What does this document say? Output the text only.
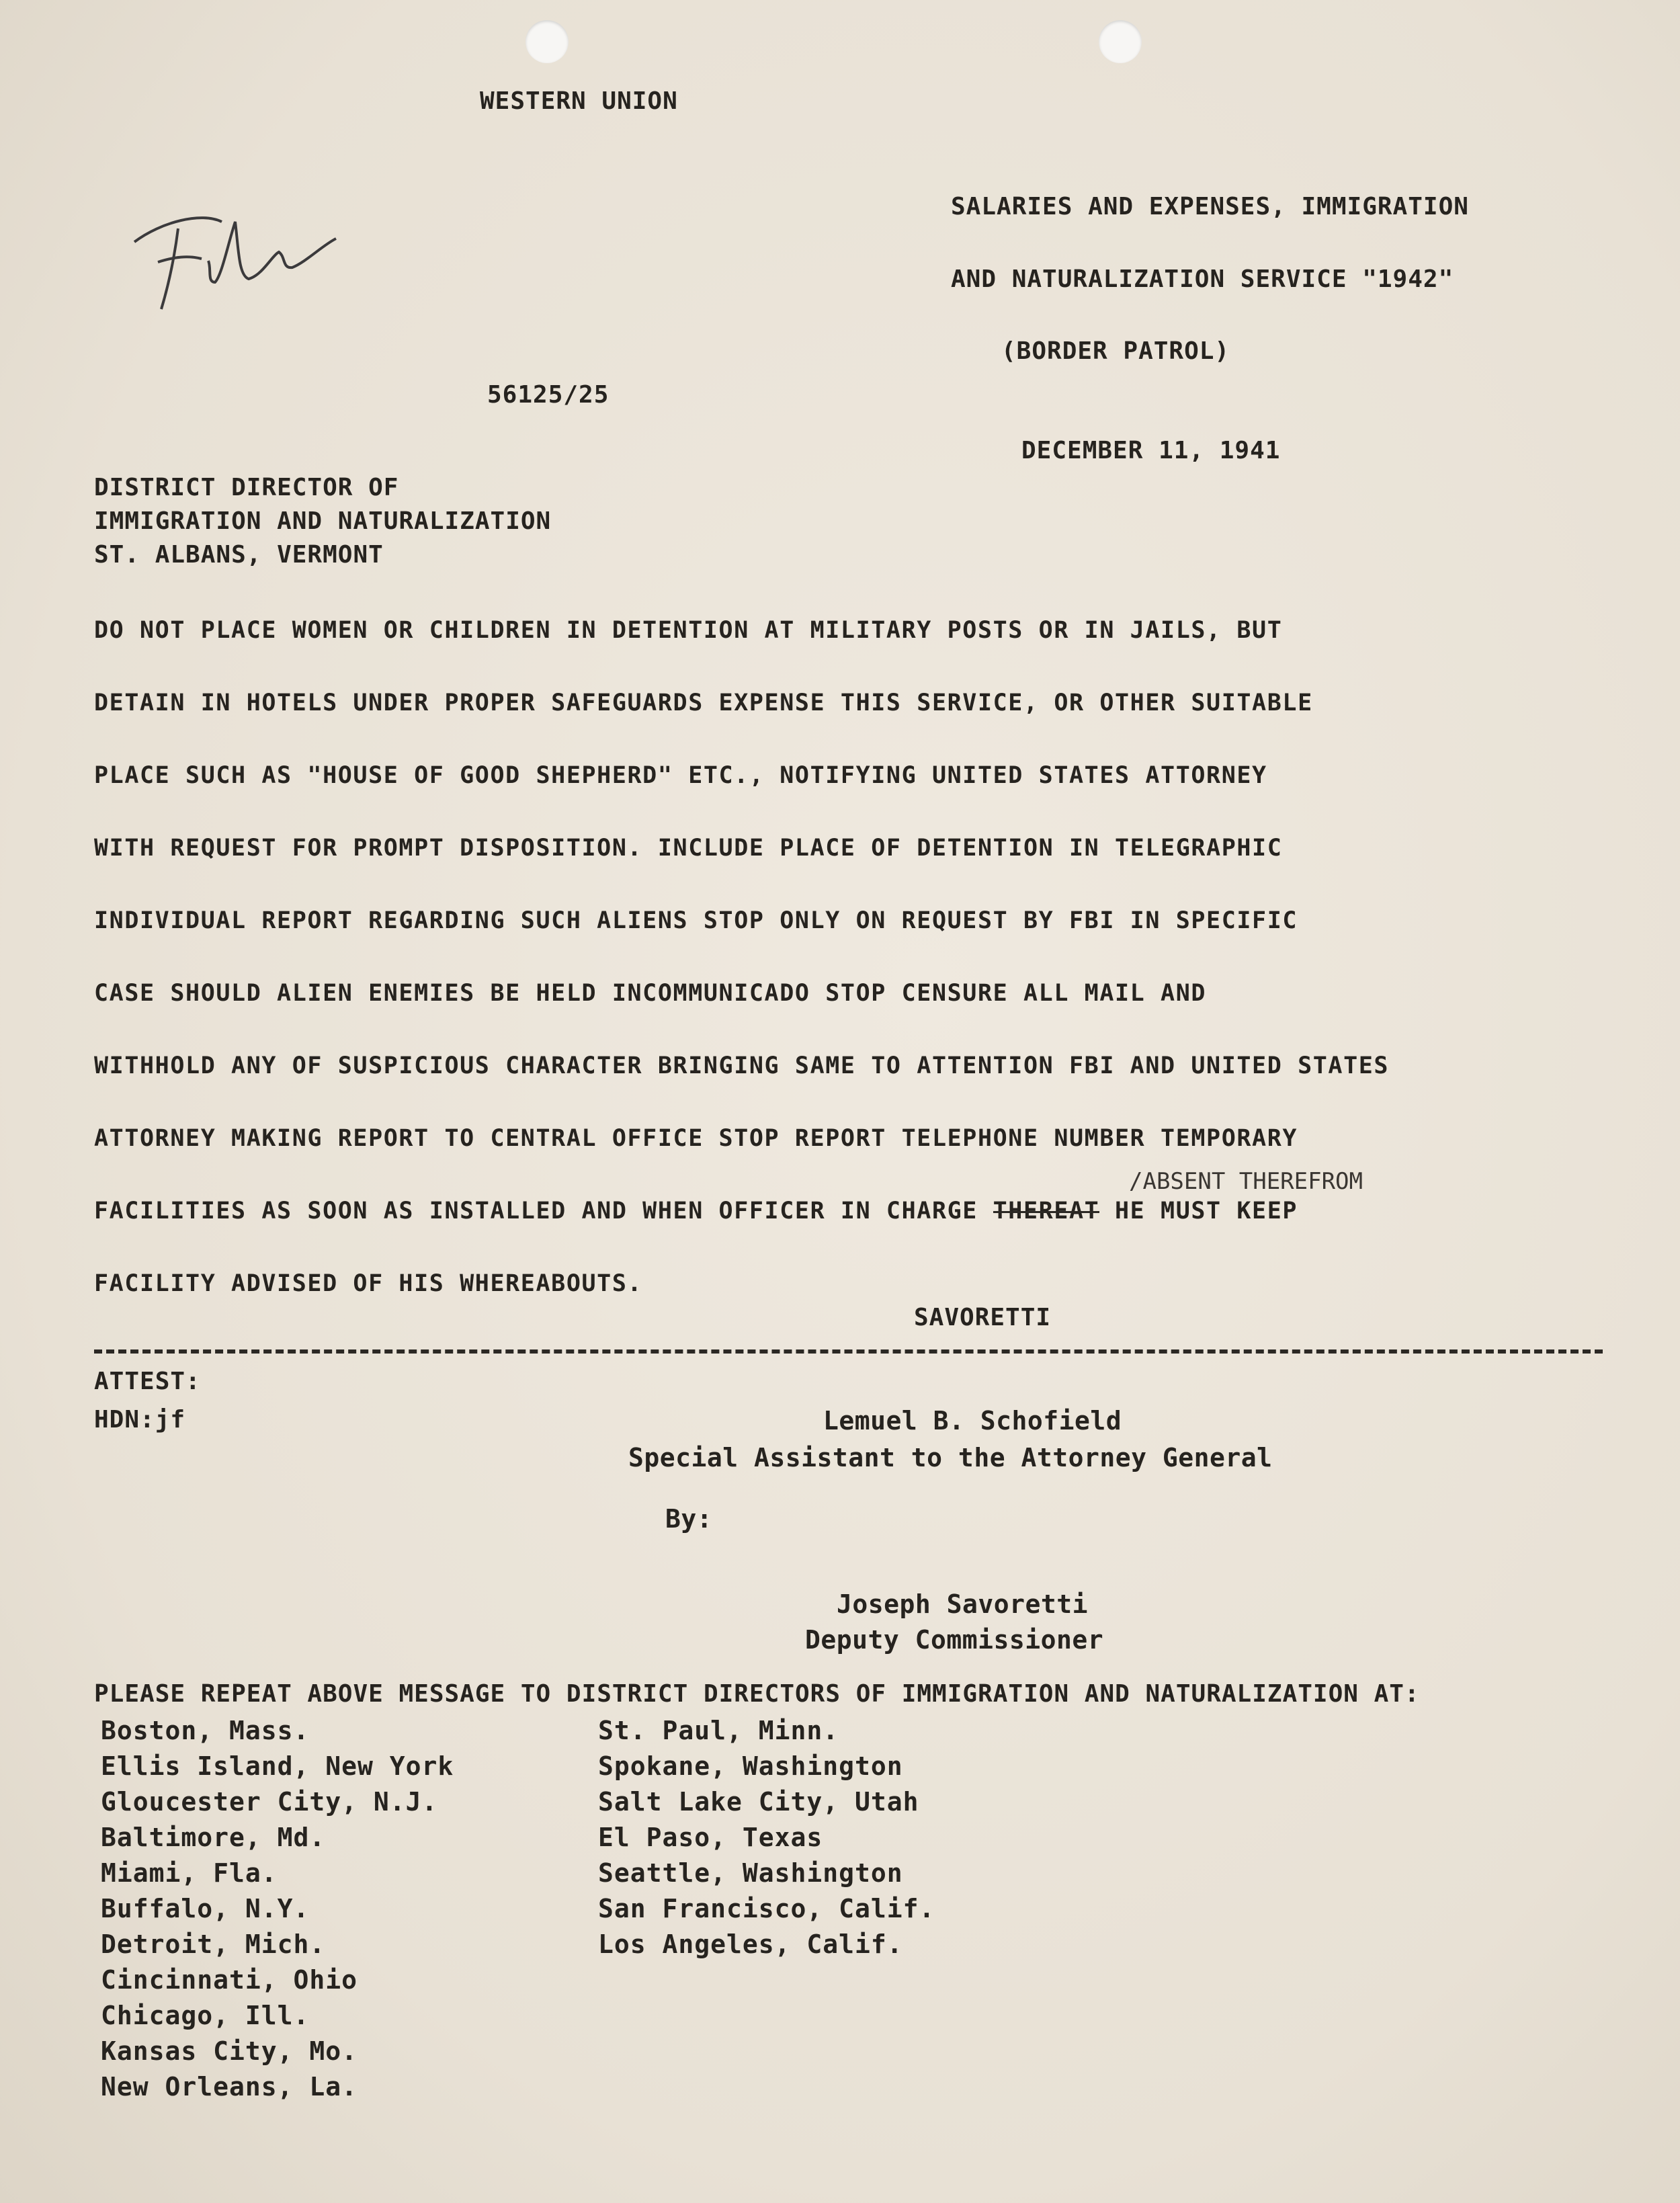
WESTERN UNION
SALARIES AND EXPENSES, IMMIGRATION
AND NATURALIZATION SERVICE "1942"
(BORDER PATROL)
56125/25
DECEMBER 11, 1941
DISTRICT DIRECTOR OF
IMMIGRATION AND NATURALIZATION
ST. ALBANS, VERMONT
DO NOT PLACE WOMEN OR CHILDREN IN DETENTION AT MILITARY POSTS OR IN JAILS, BUT
DETAIN IN HOTELS UNDER PROPER SAFEGUARDS EXPENSE THIS SERVICE, OR OTHER SUITABLE
PLACE SUCH AS "HOUSE OF GOOD SHEPHERD" ETC., NOTIFYING UNITED STATES ATTORNEY
WITH REQUEST FOR PROMPT DISPOSITION. INCLUDE PLACE OF DETENTION IN TELEGRAPHIC
INDIVIDUAL REPORT REGARDING SUCH ALIENS STOP ONLY ON REQUEST BY FBI IN SPECIFIC
CASE SHOULD ALIEN ENEMIES BE HELD INCOMMUNICADO STOP CENSURE ALL MAIL AND
WITHHOLD ANY OF SUSPICIOUS CHARACTER BRINGING SAME TO ATTENTION FBI AND UNITED STATES
ATTORNEY MAKING REPORT TO CENTRAL OFFICE STOP REPORT TELEPHONE NUMBER TEMPORARY
/ABSENT THEREFROM
FACILITIES AS SOON AS INSTALLED AND WHEN OFFICER IN CHARGE THEREAT HE MUST KEEP
FACILITY ADVISED OF HIS WHEREABOUTS.
SAVORETTI
ATTEST:
HDN:jf	Lemuel B. Schofield
Special Assistant to the Attorney General
By:
Joseph Savoretti
Deputy Commissioner
PLEASE REPEAT ABOVE MESSAGE TO DISTRICT DIRECTORS OF IMMIGRATION AND NATURALIZATION AT:
Boston, Mass.
Ellis Island, New York
Gloucester City, N.J.
Baltimore, Md.
Miami, Fla.
Buffalo, N.Y.
Detroit, Mich.
Cincinnati, Ohio
Chicago, Ill.
Kansas City, Mo.
New Orleans, La.
St. Paul, Minn.
Spokane, Washington
Salt Lake City, Utah
El Paso, Texas
Seattle, Washington
San Francisco, Calif.
Los Angeles, Calif.
